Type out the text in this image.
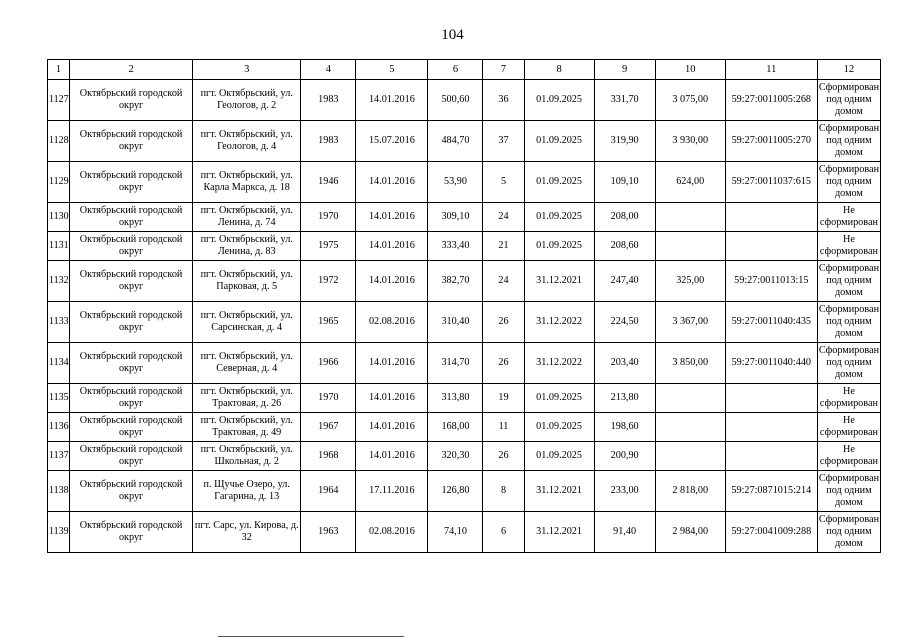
104
1	2	3	4	5	6	7	8	9	10	11	12
1127	Октябрьский городской округ	пгт. Октябрьский, ул. Геологов, д. 2	1983	14.01.2016	500,60	36	01.09.2025	331,70	3 075,00	59:27:0011005:268	Сформирован под одним домом
1128	Октябрьский городской округ	пгт. Октябрьский, ул. Геологов, д. 4	1983	15.07.2016	484,70	37	01.09.2025	319,90	3 930,00	59:27:0011005:270	Сформирован под одним домом
1129	Октябрьский городской округ	пгт. Октябрьский, ул. Карла Маркса, д. 18	1946	14.01.2016	53,90	5	01.09.2025	109,10	624,00	59:27:0011037:615	Сформирован под одним домом
1130	Октябрьский городской округ	пгт. Октябрьский, ул. Ленина, д. 74	1970	14.01.2016	309,10	24	01.09.2025	208,00			Не сформирован
1131	Октябрьский городской округ	пгт. Октябрьский, ул. Ленина, д. 83	1975	14.01.2016	333,40	21	01.09.2025	208,60			Не сформирован
1132	Октябрьский городской округ	пгт. Октябрьский, ул. Парковая, д. 5	1972	14.01.2016	382,70	24	31.12.2021	247,40	325,00	59:27:0011013:15	Сформирован под одним домом
1133	Октябрьский городской округ	пгт. Октябрьский, ул. Сарсинская, д. 4	1965	02.08.2016	310,40	26	31.12.2022	224,50	3 367,00	59:27:0011040:435	Сформирован под одним домом
1134	Октябрьский городской округ	пгт. Октябрьский, ул. Северная, д. 4	1966	14.01.2016	314,70	26	31.12.2022	203,40	3 850,00	59:27:0011040:440	Сформирован под одним домом
1135	Октябрьский городской округ	пгт. Октябрьский, ул. Трактовая, д. 26	1970	14.01.2016	313,80	19	01.09.2025	213,80			Не сформирован
1136	Октябрьский городской округ	пгт. Октябрьский, ул. Трактовая, д. 49	1967	14.01.2016	168,00	11	01.09.2025	198,60			Не сформирован
1137	Октябрьский городской округ	пгт. Октябрьский, ул. Школьная, д. 2	1968	14.01.2016	320,30	26	01.09.2025	200,90			Не сформирован
1138	Октябрьский городской округ	п. Щучье Озеро, ул. Гагарина, д. 13	1964	17.11.2016	126,80	8	31.12.2021	233,00	2 818,00	59:27:0871015:214	Сформирован под одним домом
1139	Октябрьский городской округ	пгт. Сарс, ул. Кирова, д. 32	1963	02.08.2016	74,10	6	31.12.2021	91,40	2 984,00	59:27:0041009:288	Сформирован под одним домом
